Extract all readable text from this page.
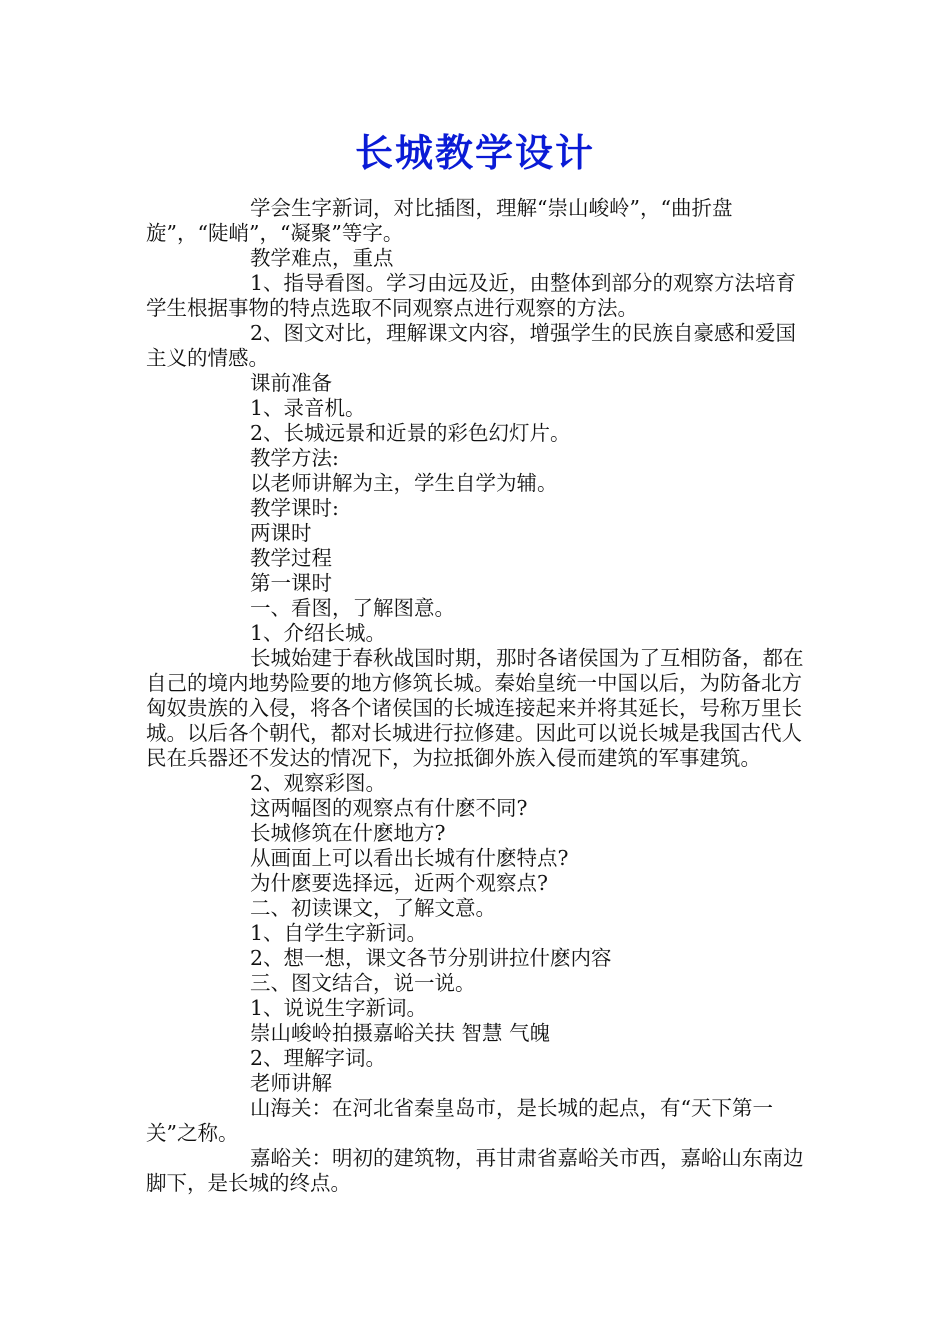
长城教学设计

学会生字新词，对比插图，理解“崇山峻岭”，“曲折盘旋”，“陡峭”，“凝聚”等字。

教学难点，重点

1、指导看图。学习由远及近，由整体到部分的观察方法培育学生根据事物的特点选取不同观察点进行观察的方法。

2、图文对比，理解课文内容，增强学生的民族自豪感和爱国主义的情感。

课前准备

1、录音机。

2、长城远景和近景的彩色幻灯片。

教学方法:

以老师讲解为主，学生自学为辅。

教学课时:

两课时

教学过程

第一课时

一、看图，了解图意。

1、介绍长城。

长城始建于春秋战国时期，那时各诸侯国为了互相防备，都在自己的境内地势险要的地方修筑长城。秦始皇统一中国以后，为防备北方匈奴贵族的入侵，将各个诸侯国的长城连接起来并将其延长，号称万里长城。以后各个朝代，都对长城进行拉修建。因此可以说长城是我国古代人民在兵器还不发达的情况下，为拉抵御外族入侵而建筑的军事建筑。

2、观察彩图。

这两幅图的观察点有什麽不同?

长城修筑在什麽地方?

从画面上可以看出长城有什麽特点?

为什麽要选择远，近两个观察点?

二、初读课文，了解文意。

1、自学生字新词。

2、想一想，课文各节分别讲拉什麽内容

三、图文结合，说一说。

1、说说生字新词。

崇山峻岭拍摄嘉峪关扶 智慧 气魄

2、理解字词。

老师讲解

山海关：在河北省秦皇岛市，是长城的起点，有“天下第一关”之称。

嘉峪关：明初的建筑物，再甘肃省嘉峪关市西，嘉峪山东南边脚下，是长城的终点。
